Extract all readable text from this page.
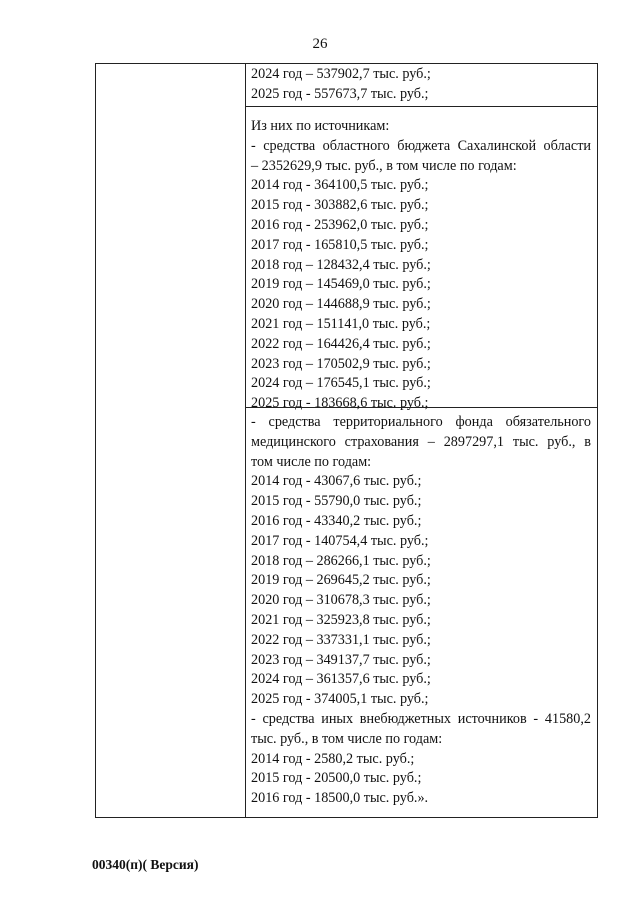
26
2024 год – 537902,7 тыс. руб.;
2025 год - 557673,7 тыс. руб.;
Из них по источникам:
- средства областного бюджета Сахалинской области
– 2352629,9 тыс. руб., в том числе по годам:
2014 год - 364100,5 тыс. руб.;
2015 год - 303882,6 тыс. руб.;
2016 год - 253962,0 тыс. руб.;
2017 год - 165810,5 тыс. руб.;
2018 год – 128432,4 тыс. руб.;
2019 год – 145469,0 тыс. руб.;
2020 год – 144688,9 тыс. руб.;
2021 год – 151141,0 тыс. руб.;
2022 год – 164426,4 тыс. руб.;
2023 год – 170502,9 тыс. руб.;
2024 год – 176545,1 тыс. руб.;
2025 год - 183668,6 тыс. руб.;
- средства территориального фонда обязательного
медицинского страхования – 2897297,1 тыс. руб., в
том числе по годам:
2014 год - 43067,6 тыс. руб.;
2015 год - 55790,0 тыс. руб.;
2016 год - 43340,2 тыс. руб.;
2017 год - 140754,4 тыс. руб.;
2018 год – 286266,1 тыс. руб.;
2019 год – 269645,2 тыс. руб.;
2020 год – 310678,3 тыс. руб.;
2021 год – 325923,8 тыс. руб.;
2022 год – 337331,1 тыс. руб.;
2023 год – 349137,7 тыс. руб.;
2024 год – 361357,6 тыс. руб.;
2025 год - 374005,1 тыс. руб.;
- средства иных внебюджетных источников - 41580,2
тыс. руб., в том числе по годам:
2014 год - 2580,2 тыс. руб.;
2015 год - 20500,0 тыс. руб.;
2016 год - 18500,0 тыс. руб.».
00340(п)( Версия)
